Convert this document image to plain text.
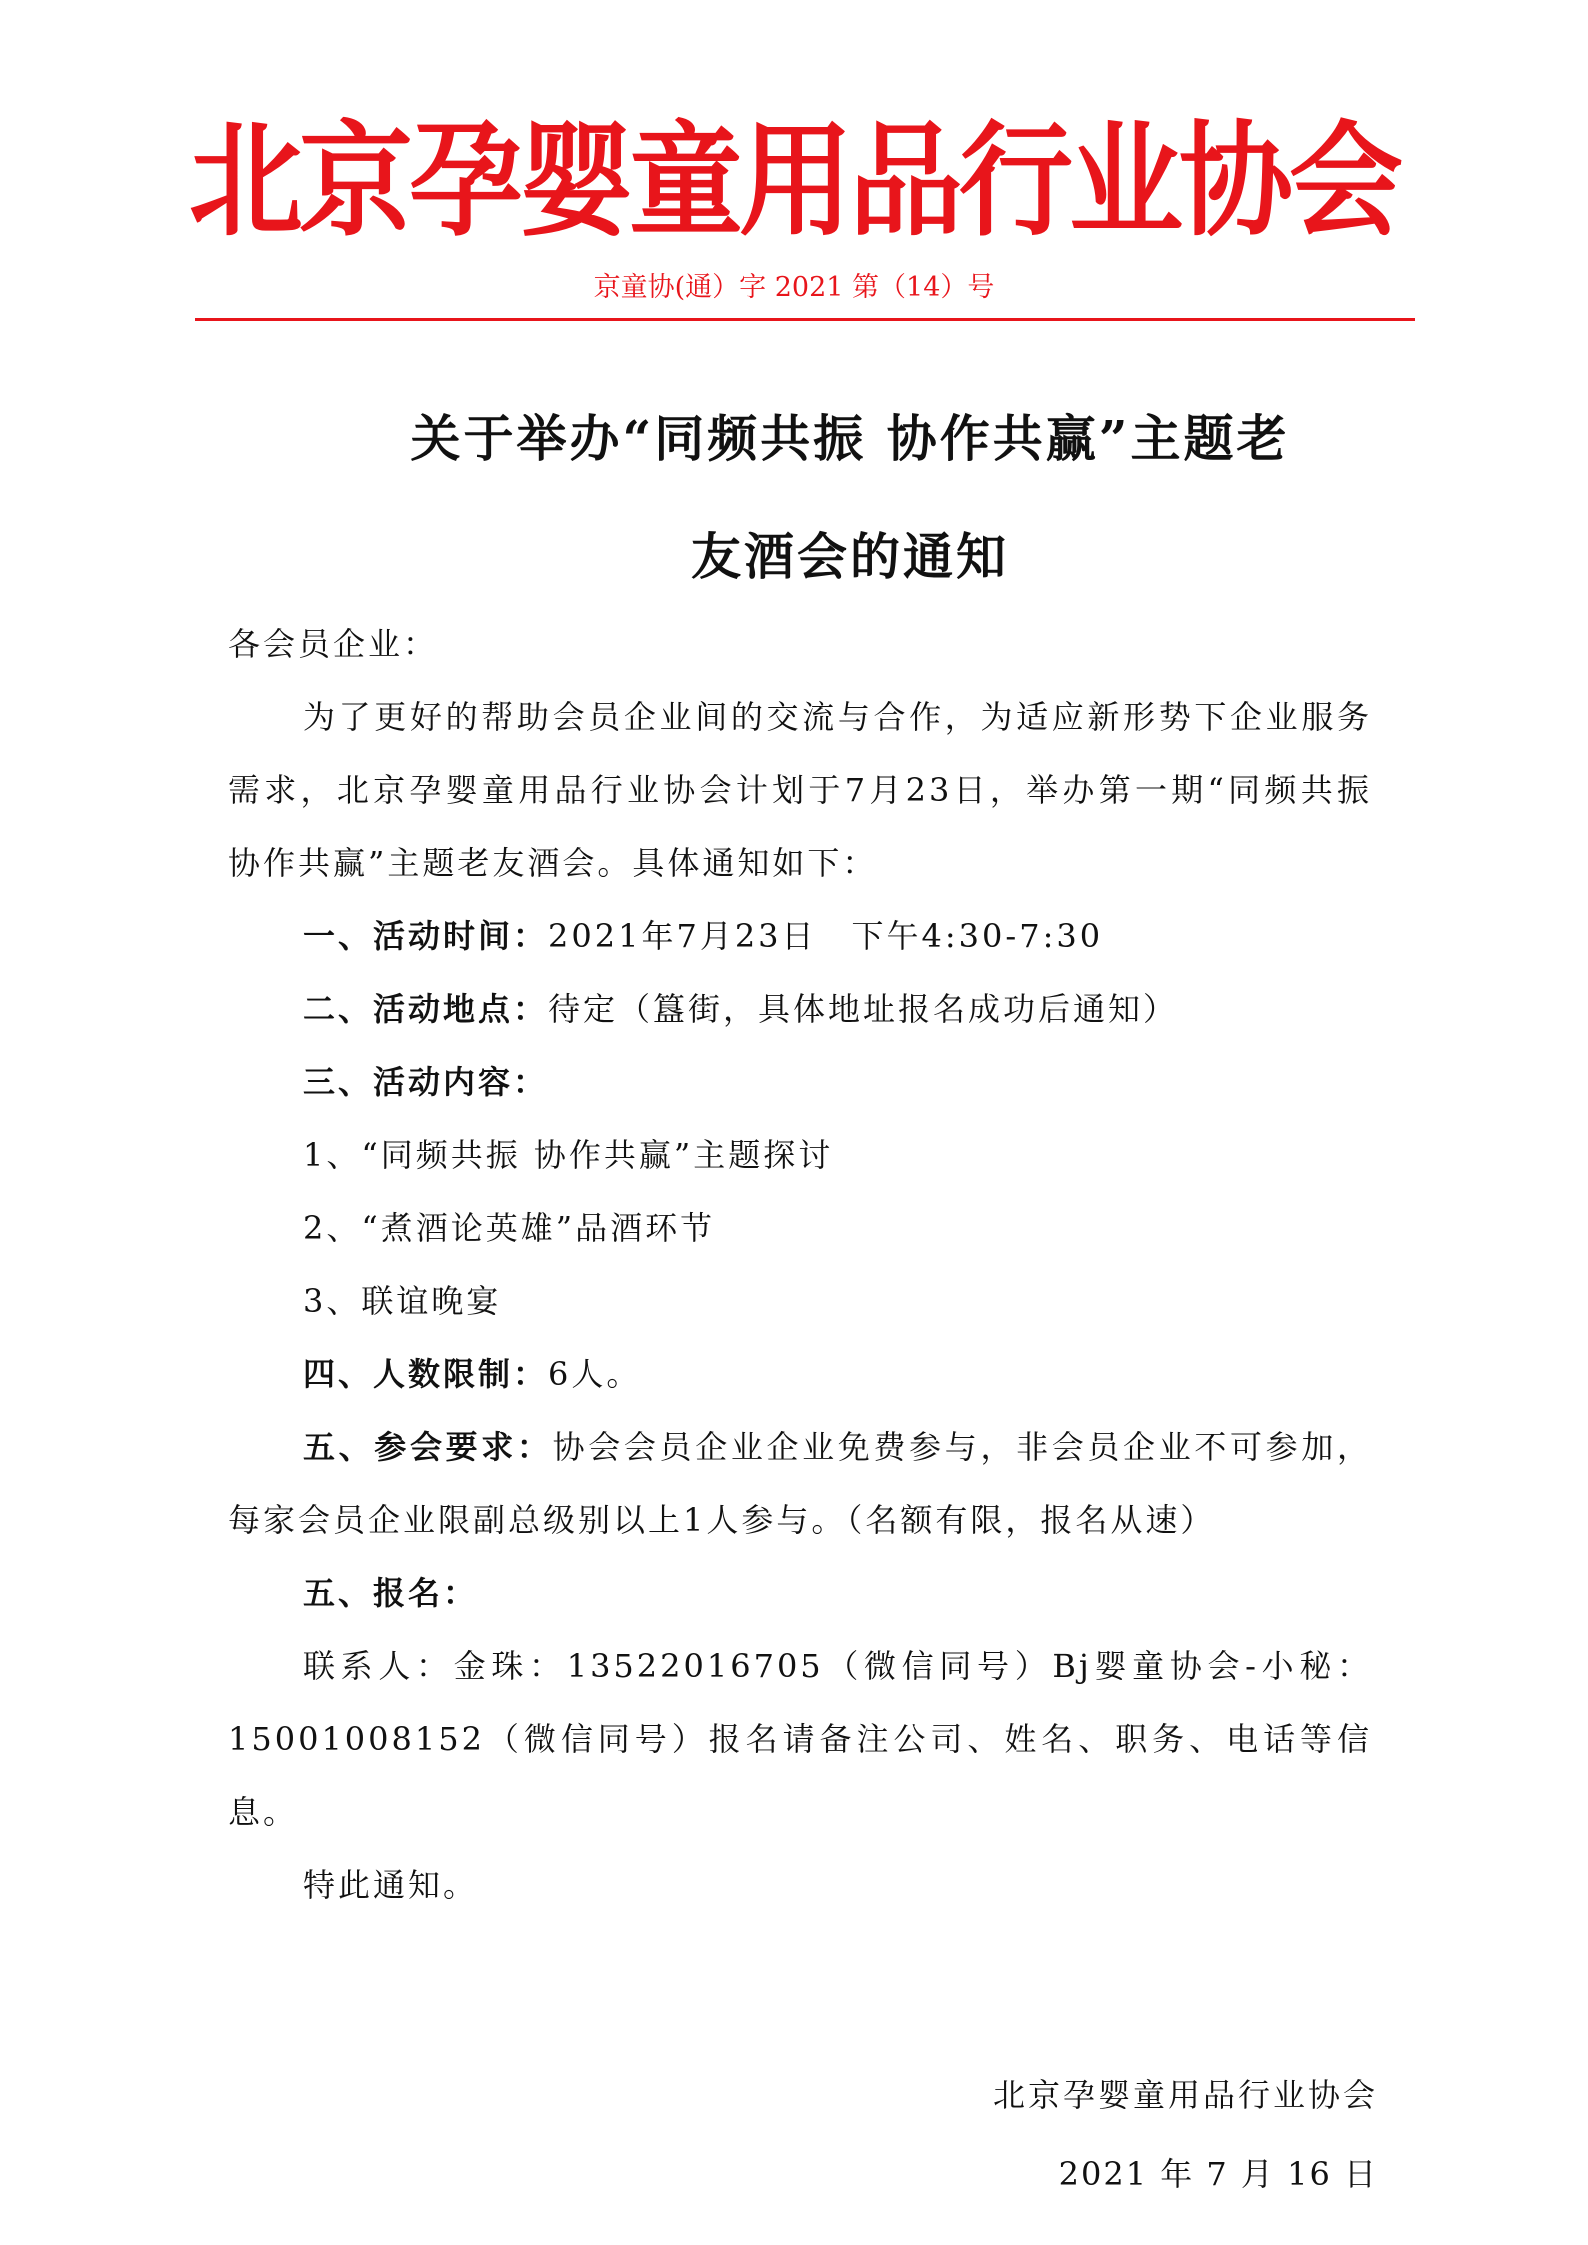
北京孕婴童用品行业协会
京童协(通）字 2021 第（14）号
关于举办“同频共振 协作共赢”主题老
友酒会的通知

各会员企业：

为了更好的帮助会员企业间的交流与合作，为适应新形势下企业服务需求，北京孕婴童用品行业协会计划于7月23日，举办第一期“同频共振 协作共赢”主题老友酒会。具体通知如下：

一、活动时间：2021年7月23日　下午4:30-7:30

二、活动地点：待定（簋街，具体地址报名成功后通知）

三、活动内容：

1、“同频共振 协作共赢”主题探讨

2、“煮酒论英雄”品酒环节

3、联谊晚宴

四、人数限制：6人。

五、参会要求：协会会员企业企业免费参与，非会员企业不可参加，每家会员企业限副总级别以上1人参与。（名额有限，报名从速）

五、报名：

联系人：金珠：13522016705（微信同号）Bj婴童协会-小秘：15001008152（微信同号）报名请备注公司、姓名、职务、电话等信息。

特此通知。

北京孕婴童用品行业协会
2021 年 7 月 16 日
